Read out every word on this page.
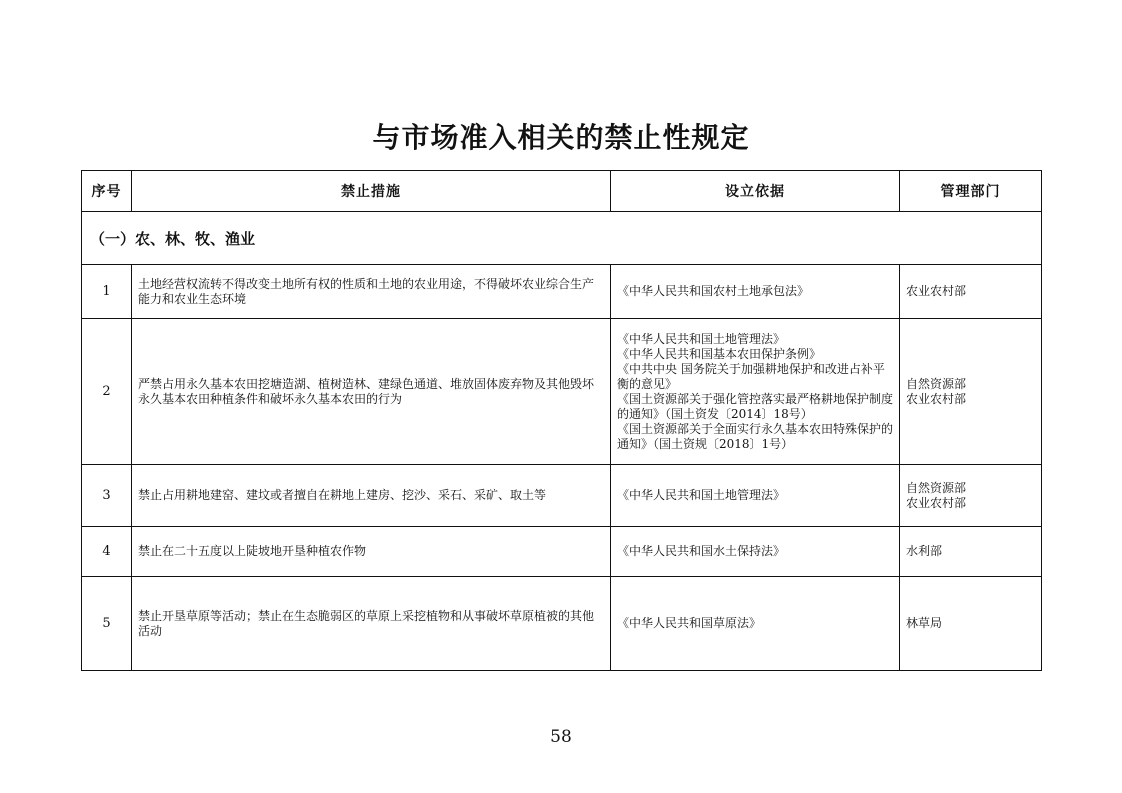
与市场准入相关的禁止性规定
序号	禁止措施	设立依据	管理部门
（一）农、林、牧、渔业			
1	土地经营权流转不得改变土地所有权的性质和土地的农业用途，不得破坏农业综合生产能力和农业生态环境	《中华人民共和国农村土地承包法》	农业农村部

2	严禁占用永久基本农田挖塘造湖、植树造林、建绿色通道、堆放固体废弃物及其他毁坏永久基本农田种植条件和破坏永久基本农田的行为	《中华人民共和国土地管理法》
《中华人民共和国基本农田保护条例》
《中共中央 国务院关于加强耕地保护和改进占补平衡的意见》
《国土资源部关于强化管控落实最严格耕地保护制度的通知》（国土资发〔2014〕18号）
《国土资源部关于全面实行永久基本农田特殊保护的通知》（国土资规〔2018〕1号）	自然资源部
农业农村部

3	禁止占用耕地建窑、建坟或者擅自在耕地上建房、挖沙、采石、采矿、取土等	《中华人民共和国土地管理法》	自然资源部
农业农村部

4	禁止在二十五度以上陡坡地开垦种植农作物	《中华人民共和国水土保持法》	水利部

5	禁止开垦草原等活动；禁止在生态脆弱区的草原上采挖植物和从事破坏草原植被的其他活动	《中华人民共和国草原法》	林草局
58
